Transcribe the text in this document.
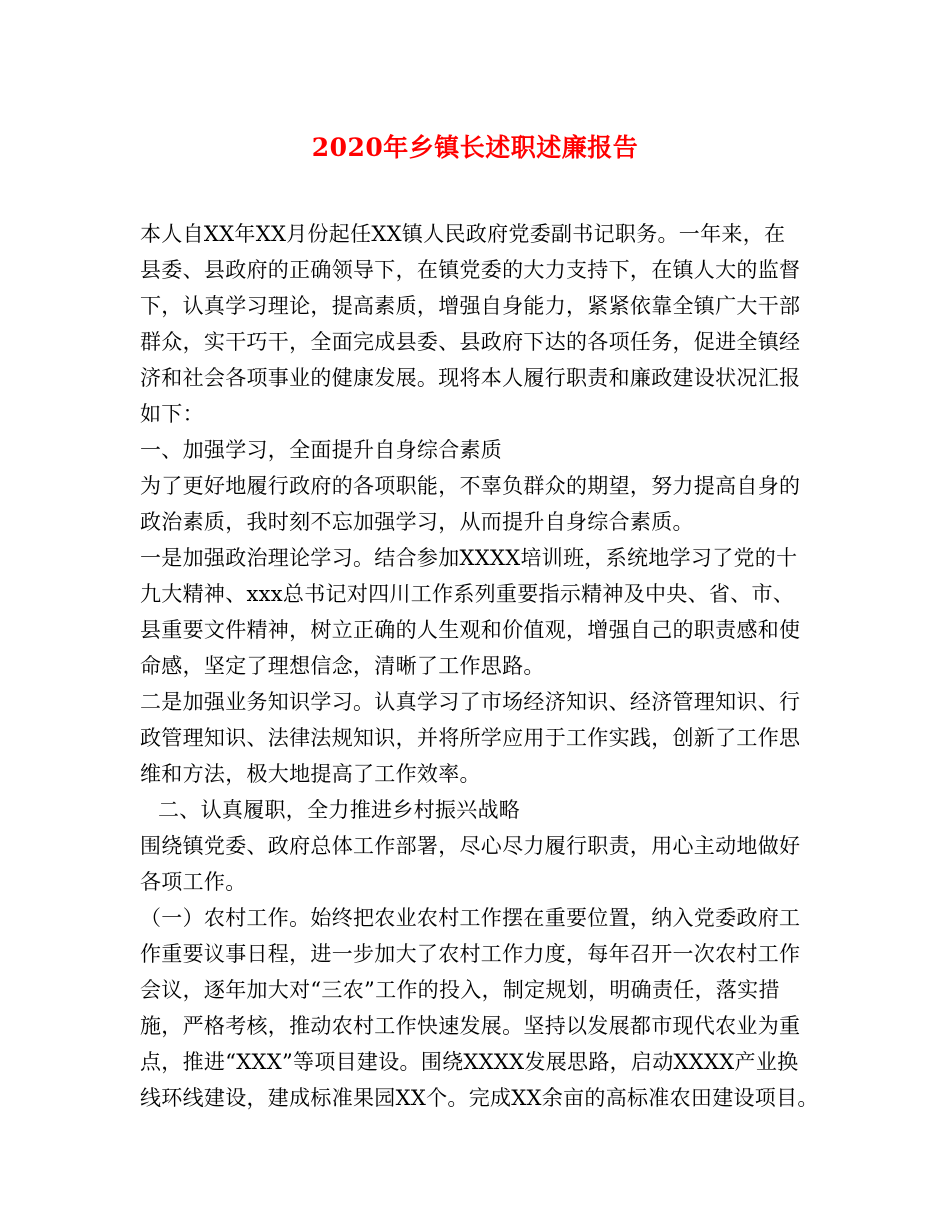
2020年乡镇长述职述廉报告
本人自XX年XX月份起任XX镇人民政府党委副书记职务。一年来，在
县委、县政府的正确领导下，在镇党委的大力支持下，在镇人大的监督
下，认真学习理论，提高素质，增强自身能力，紧紧依靠全镇广大干部
群众，实干巧干，全面完成县委、县政府下达的各项任务，促进全镇经
济和社会各项事业的健康发展。现将本人履行职责和廉政建设状况汇报
如下：
一、加强学习，全面提升自身综合素质
为了更好地履行政府的各项职能，不辜负群众的期望，努力提高自身的
政治素质，我时刻不忘加强学习，从而提升自身综合素质。
一是加强政治理论学习。结合参加XXXX培训班，系统地学习了党的十
九大精神、xxx总书记对四川工作系列重要指示精神及中央、省、市、
县重要文件精神，树立正确的人生观和价值观，增强自己的职责感和使
命感，坚定了理想信念，清晰了工作思路。
二是加强业务知识学习。认真学习了市场经济知识、经济管理知识、行
政管理知识、法律法规知识，并将所学应用于工作实践，创新了工作思
维和方法，极大地提高了工作效率。
二、认真履职，全力推进乡村振兴战略
围绕镇党委、政府总体工作部署，尽心尽力履行职责，用心主动地做好
各项工作。
（一）农村工作。始终把农业农村工作摆在重要位置，纳入党委政府工
作重要议事日程，进一步加大了农村工作力度，每年召开一次农村工作
会议，逐年加大对“三农”工作的投入，制定规划，明确责任，落实措
施，严格考核，推动农村工作快速发展。坚持以发展都市现代农业为重
点，推进“XXX”等项目建设。围绕XXXX发展思路，启动XXXX产业换
线环线建设，建成标准果园XX个。完成XX余亩的高标准农田建设项目。
